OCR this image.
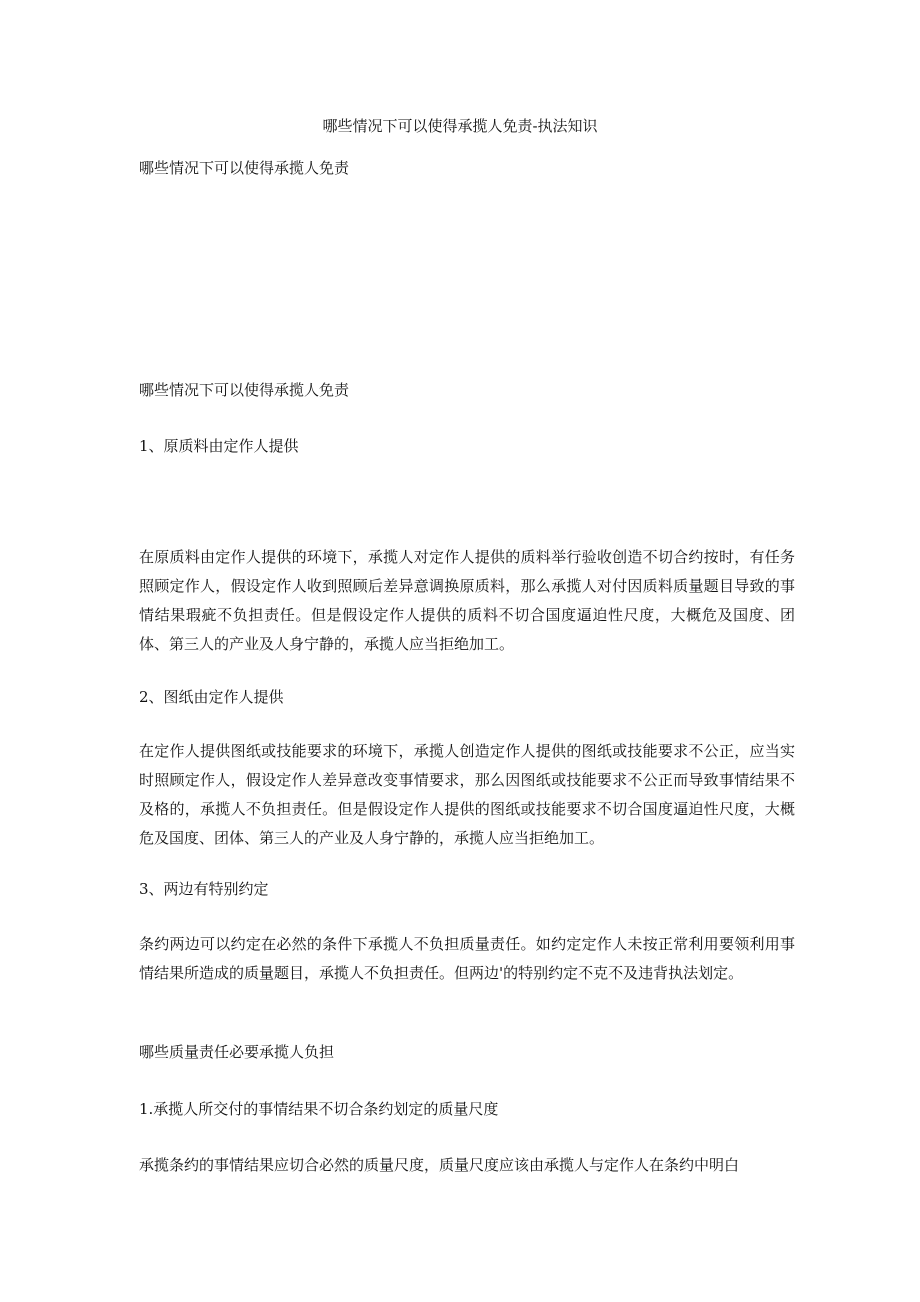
哪些情况下可以使得承揽人免责-执法知识

哪些情况下可以使得承揽人免责

哪些情况下可以使得承揽人免责

1、原质料由定作人提供

在原质料由定作人提供的环境下，承揽人对定作人提供的质料举行验收创造不切合约按时，有任务照顾定作人，假设定作人收到照顾后差异意调换原质料，那么承揽人对付因质料质量题目导致的事情结果瑕疵不负担责任。但是假设定作人提供的质料不切合国度逼迫性尺度，大概危及国度、团体、第三人的产业及人身宁静的，承揽人应当拒绝加工。

2、图纸由定作人提供

在定作人提供图纸或技能要求的环境下，承揽人创造定作人提供的图纸或技能要求不公正，应当实时照顾定作人，假设定作人差异意改变事情要求，那么因图纸或技能要求不公正而导致事情结果不及格的，承揽人不负担责任。但是假设定作人提供的图纸或技能要求不切合国度逼迫性尺度，大概危及国度、团体、第三人的产业及人身宁静的，承揽人应当拒绝加工。

3、两边有特别约定

条约两边可以约定在必然的条件下承揽人不负担质量责任。如约定定作人未按正常利用要领利用事情结果所造成的质量题目，承揽人不负担责任。但两边'的特别约定不克不及违背执法划定。

哪些质量责任必要承揽人负担

1.承揽人所交付的事情结果不切合条约划定的质量尺度

承揽条约的事情结果应切合必然的质量尺度，质量尺度应该由承揽人与定作人在条约中明白
